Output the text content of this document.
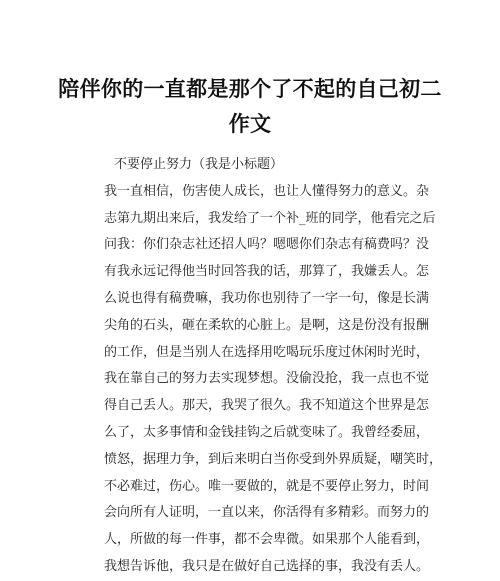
陪伴你的一直都是那个了不起的自己初二
作文
不要停止努力（我是小标题）
我一直相信，伤害使人成长，也让人懂得努力的意义。杂
志第九期出来后，我发给了一个补_班的同学，他看完之后
问我：你们杂志社还招人吗？嗯嗯你们杂志有稿费吗？没
有我永远记得他当时回答我的话，那算了，我嫌丢人。怎
么说也得有稿费嘛，我功你也别待了一字一句，像是长满
尖角的石头，砸在柔软的心脏上。是啊，这是份没有报酬
的工作，但是当别人在选择用吃喝玩乐度过休闲时光时，
我在靠自己的努力去实现梦想。没偷没抢，我一点也不觉
得自己丢人。那天，我哭了很久。我不知道这个世界是怎
么了，太多事情和金钱挂钩之后就变味了。我曾经委屈，
愤怒，据理力争，到后来明白当你受到外界质疑，嘲笑时，
不必难过，伤心。唯一要做的，就是不要停止努力，时间
会向所有人证明，一直以来，你活得有多精彩。而努力的
人，所做的每一件事，都不会卑微。如果那个人能看到，
我想告诉他，我只是在做好自己选择的事，我没有丢人。
